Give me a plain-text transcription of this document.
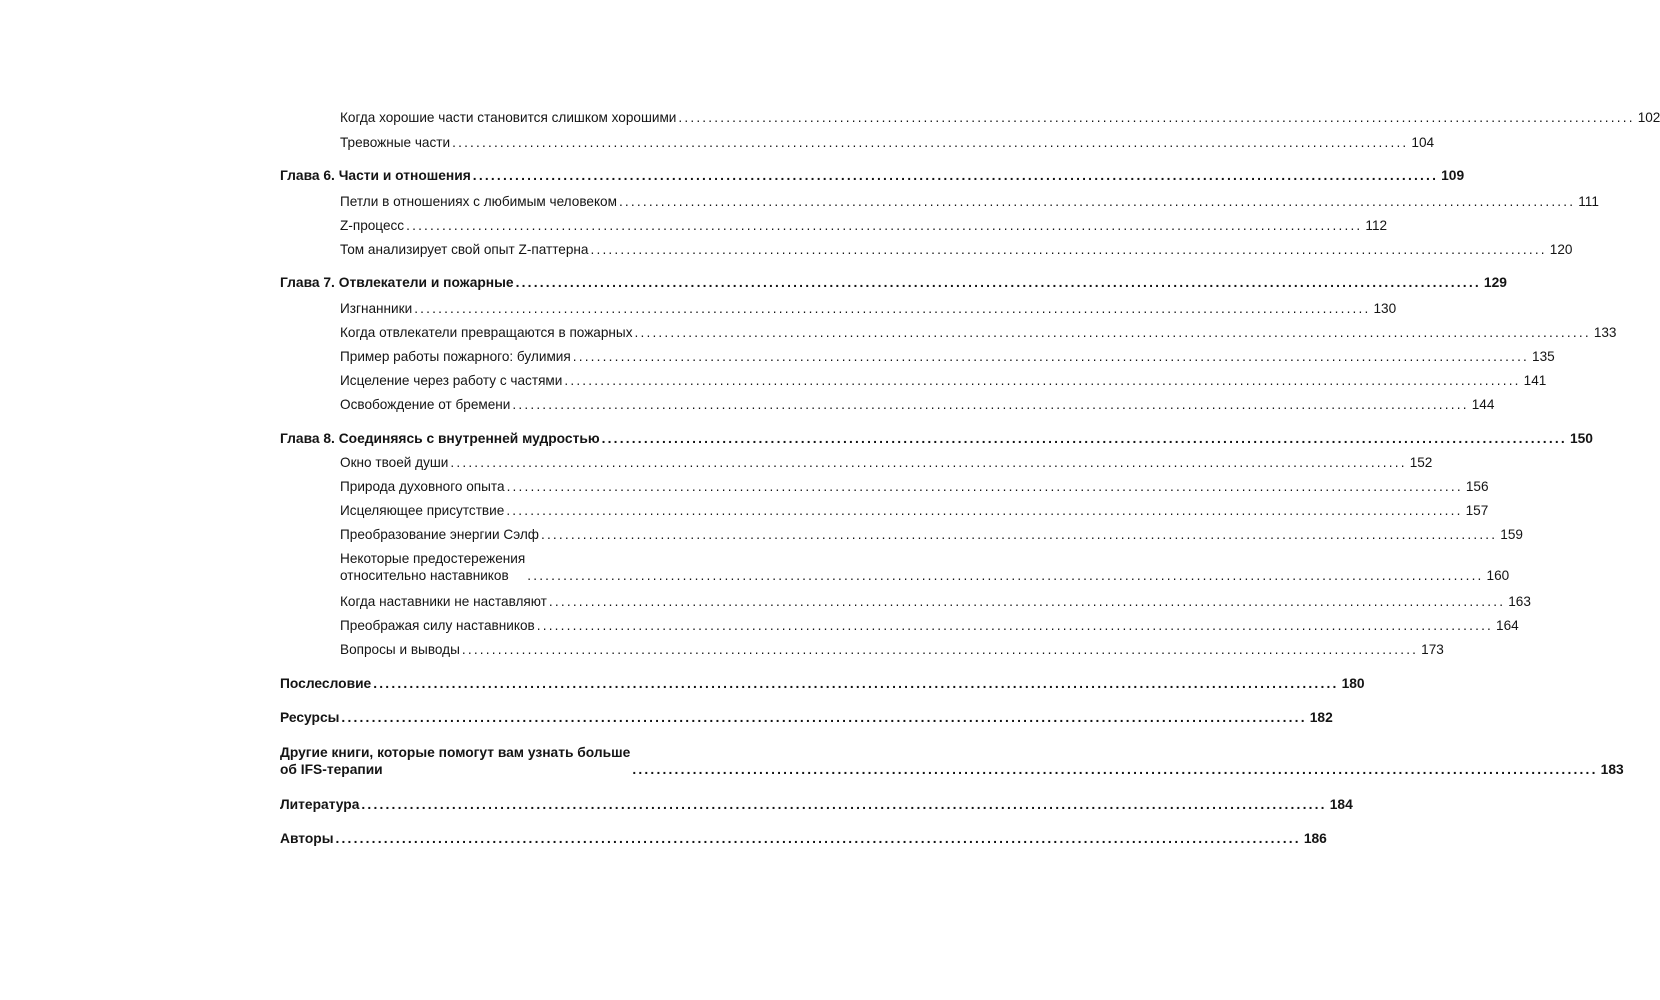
Когда хорошие части становится слишком хорошими ................................................................................................................................................................ 102
Тревожные части ................................................................................................................................................................ 104
Глава 6. Части и отношения ................................................................................................................................................................ 109
Петли в отношениях с любимым человеком ................................................................................................................................................................ 111
Z-процесс ................................................................................................................................................................ 112
Том анализирует свой опыт Z-паттерна ................................................................................................................................................................ 120
Глава 7. Отвлекатели и пожарные ................................................................................................................................................................ 129
Изгнанники ................................................................................................................................................................ 130
Когда отвлекатели превращаются в пожарных ................................................................................................................................................................ 133
Пример работы пожарного: булимия ................................................................................................................................................................ 135
Исцеление через работу с частями ................................................................................................................................................................ 141
Освобождение от бремени ................................................................................................................................................................ 144
Глава 8. Соединяясь с внутренней мудростью ................................................................................................................................................................ 150
Окно твоей души ................................................................................................................................................................ 152
Природа духовного опыта ................................................................................................................................................................ 156
Исцеляющее присутствие ................................................................................................................................................................ 157
Преобразование энергии Сэлф ................................................................................................................................................................ 159
Некоторые предостережения
относительно наставников	................................................................................................................................................................ 160
Когда наставники не наставляют ................................................................................................................................................................ 163
Преображая силу наставников ................................................................................................................................................................ 164
Вопросы и выводы ................................................................................................................................................................ 173
Послесловие ................................................................................................................................................................ 180
Ресурсы ................................................................................................................................................................ 182
Другие книги, которые помогут вам узнать больше
об IFS-терапии	................................................................................................................................................................ 183
Литература ................................................................................................................................................................ 184
Авторы ................................................................................................................................................................ 186
